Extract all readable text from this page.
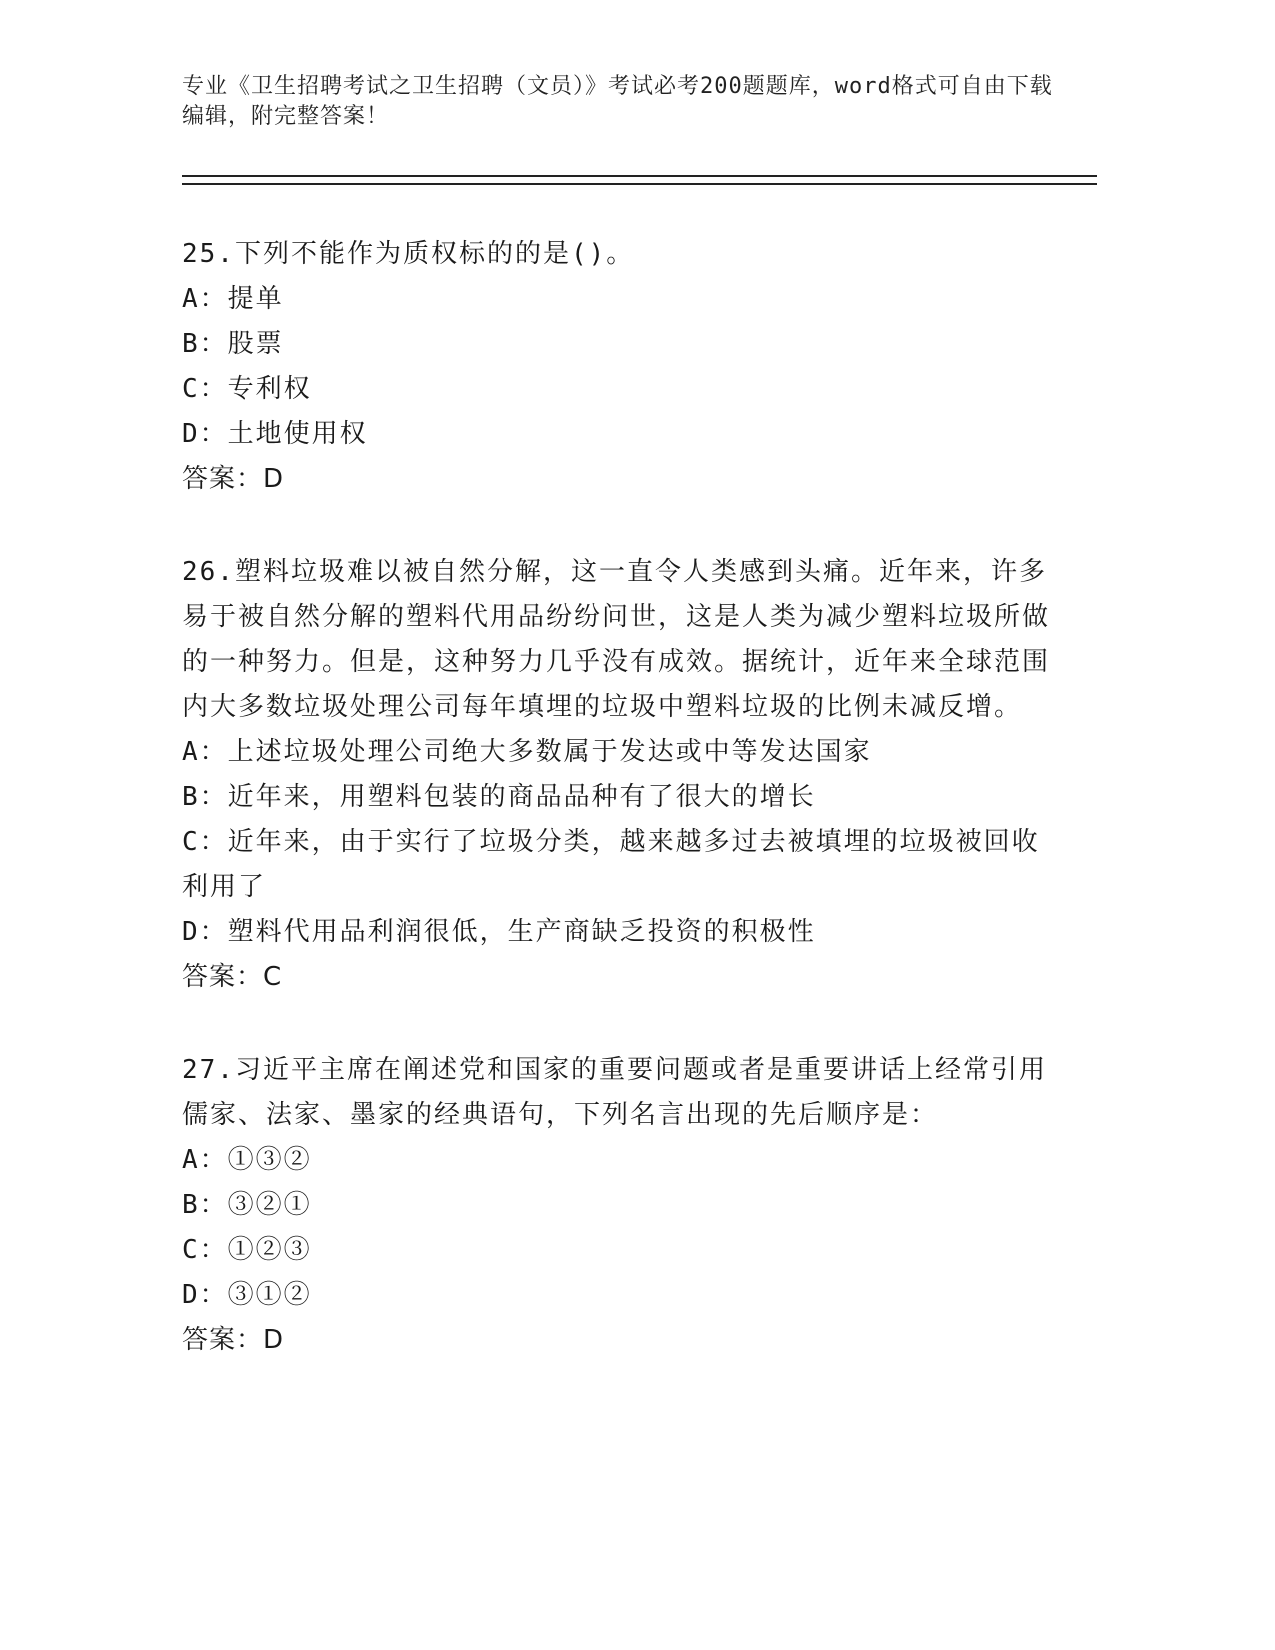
专业《卫生招聘考试之卫生招聘（文员）》考试必考200题题库，word格式可自由下载编辑，附完整答案！
25.下列不能作为质权标的的是()。
A：提单
B：股票
C：专利权
D：土地使用权
答案：D
26.塑料垃圾难以被自然分解，这一直令人类感到头痛。近年来，许多易于被自然分解的塑料代用品纷纷问世，这是人类为减少塑料垃圾所做的一种努力。但是，这种努力几乎没有成效。据统计，近年来全球范围内大多数垃圾处理公司每年填埋的垃圾中塑料垃圾的比例未减反增。
A：上述垃圾处理公司绝大多数属于发达或中等发达国家
B：近年来，用塑料包装的商品品种有了很大的增长
C：近年来，由于实行了垃圾分类，越来越多过去被填埋的垃圾被回收利用了
D：塑料代用品利润很低，生产商缺乏投资的积极性
答案：C
27.习近平主席在阐述党和国家的重要问题或者是重要讲话上经常引用儒家、法家、墨家的经典语句，下列名言出现的先后顺序是：
A：①③②
B：③②①
C：①②③
D：③①②
答案：D
